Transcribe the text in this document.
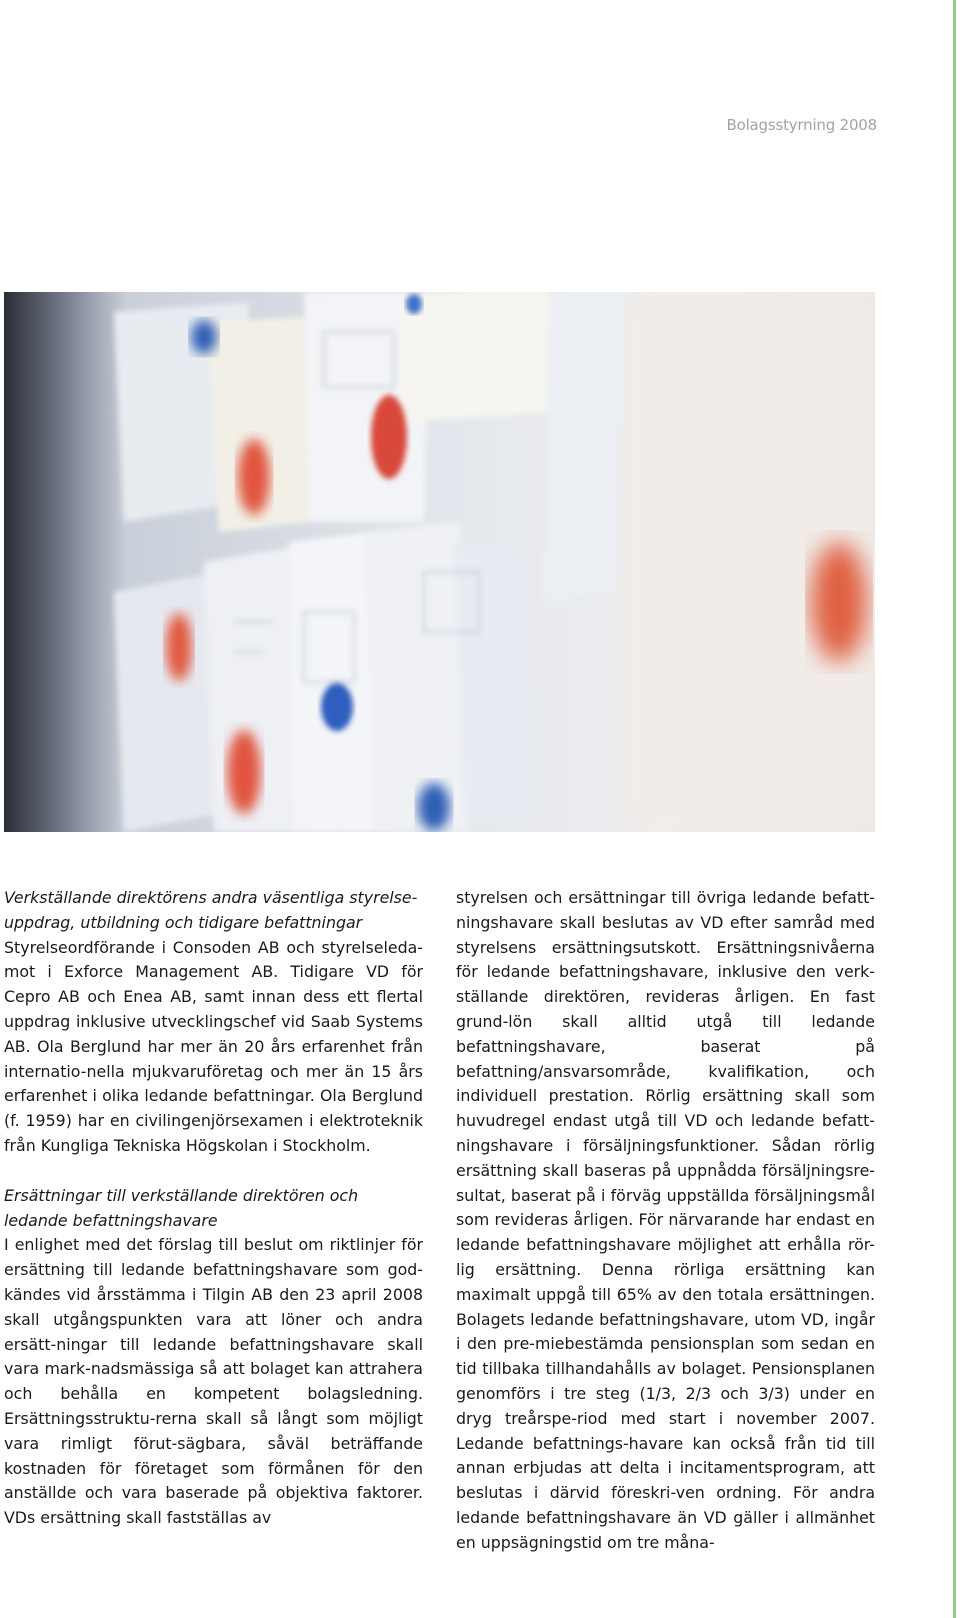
Bolagsstyrning 2008

Verkställande direktörens andra väsentliga styrelse-uppdrag, utbildning och tidigare befattningar

Styrelseordförande i Consoden AB och styrelseleda-mot i Exforce Management AB. Tidigare VD för Cepro AB och Enea AB, samt innan dess ett flertal uppdrag inklusive utvecklingschef vid Saab Systems AB. Ola Berglund har mer än 20 års erfarenhet från internatio-nella mjukvaruföretag och mer än 15 års erfarenhet i olika ledande befattningar. Ola Berglund (f. 1959) har en civilingenjörsexamen i elektroteknik från Kungliga Tekniska Högskolan i Stockholm.

Ersättningar till verkställande direktören och ledande befattningshavare

I enlighet med det förslag till beslut om riktlinjer för ersättning till ledande befattningshavare som god-kändes vid årsstämma i Tilgin AB den 23 april 2008 skall utgångspunkten vara att löner och andra ersätt-ningar till ledande befattningshavare skall vara mark-nadsmässiga så att bolaget kan attrahera och behålla en kompetent bolagsledning. Ersättningsstruktu-rerna skall så långt som möjligt vara rimligt förut-sägbara, såväl beträffande kostnaden för företaget som förmånen för den anställde och vara baserade på objektiva faktorer. VDs ersättning skall fastställas av

styrelsen och ersättningar till övriga ledande befatt-ningshavare skall beslutas av VD efter samråd med styrelsens ersättningsutskott. Ersättningsnivåerna för ledande befattningshavare, inklusive den verk-ställande direktören, revideras årligen. En fast grund-lön skall alltid utgå till ledande befattningshavare, baserat på befattning/ansvarsområde, kvalifikation, och individuell prestation. Rörlig ersättning skall som huvudregel endast utgå till VD och ledande befatt-ningshavare i försäljningsfunktioner. Sådan rörlig ersättning skall baseras på uppnådda försäljningsre-sultat, baserat på i förväg uppställda försäljningsmål som revideras årligen. För närvarande har endast en ledande befattningshavare möjlighet att erhålla rör-lig ersättning. Denna rörliga ersättning kan maximalt uppgå till 65% av den totala ersättningen. Bolagets ledande befattningshavare, utom VD, ingår i den pre-miebestämda pensionsplan som sedan en tid tillbaka tillhandahålls av bolaget. Pensionsplanen genomförs i tre steg (1/3, 2/3 och 3/3) under en dryg treårspe-riod med start i november 2007. Ledande befattnings-havare kan också från tid till annan erbjudas att delta i incitamentsprogram, att beslutas i därvid föreskri-ven ordning. För andra ledande befattningshavare än VD gäller i allmänhet en uppsägningstid om tre måna-
